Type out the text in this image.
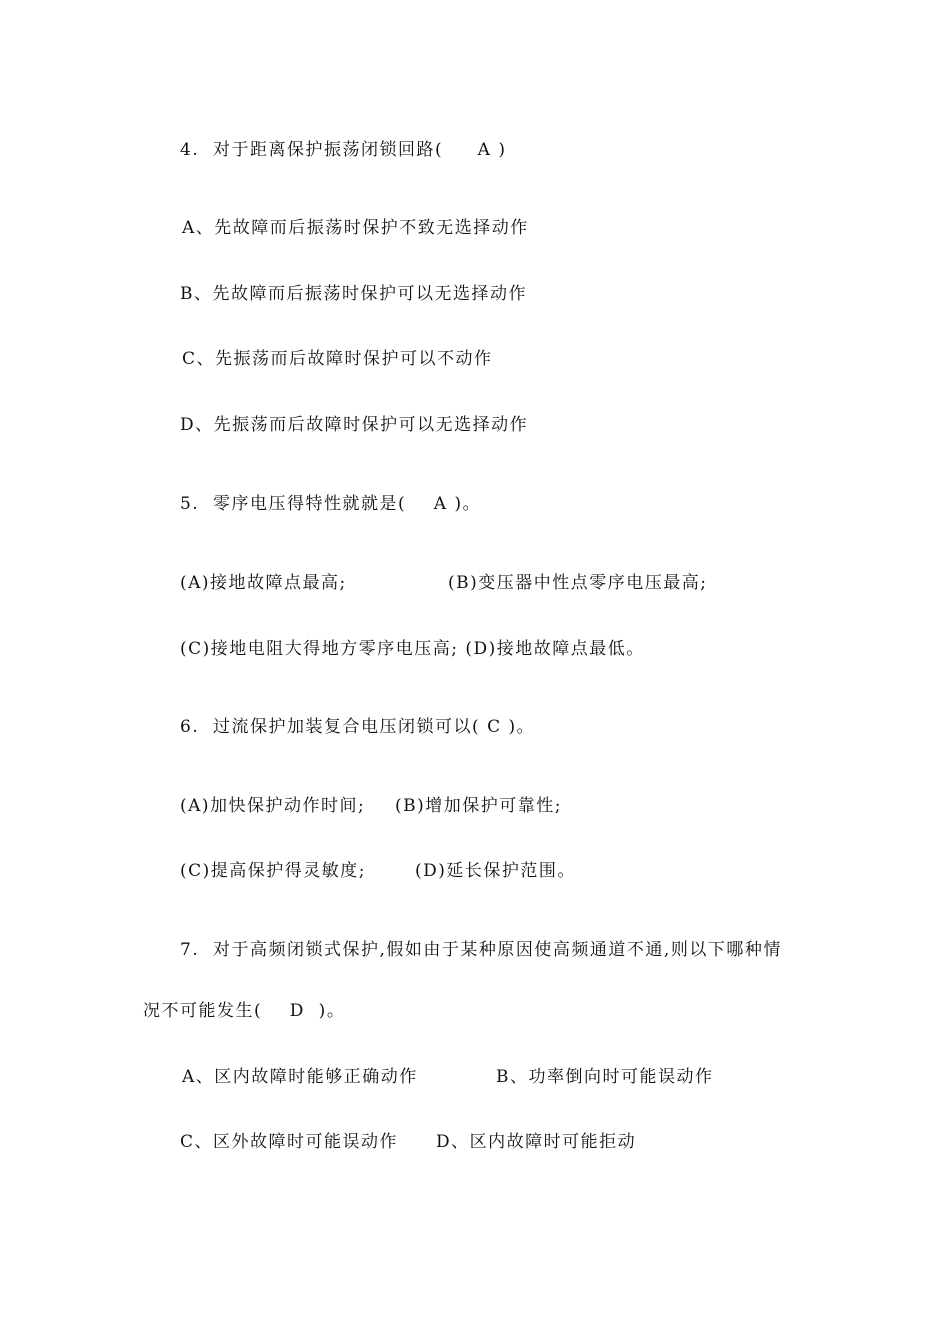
4.  对于距离保护振荡闭锁回路(     A )
A、先故障而后振荡时保护不致无选择动作
B、先故障而后振荡时保护可以无选择动作
C、先振荡而后故障时保护可以不动作
D、先振荡而后故障时保护可以无选择动作
5.  零序电压得特性就就是(    A )。
(A)接地故障点最高;	(B)变压器中性点零序电压最高;
(C)接地电阻大得地方零序电压高; (D)接地故障点最低。
6.  过流保护加装复合电压闭锁可以( C )。
(A)加快保护动作时间; (B)增加保护可靠性;
(C)提高保护得灵敏度;	(D)延长保护范围。
7.  对于高频闭锁式保护,假如由于某种原因使高频通道不通,则以下哪种情
况不可能发生(    D  )。
A、区内故障时能够正确动作	B、功率倒向时可能误动作
C、区外故障时可能误动作 D、区内故障时可能拒动
